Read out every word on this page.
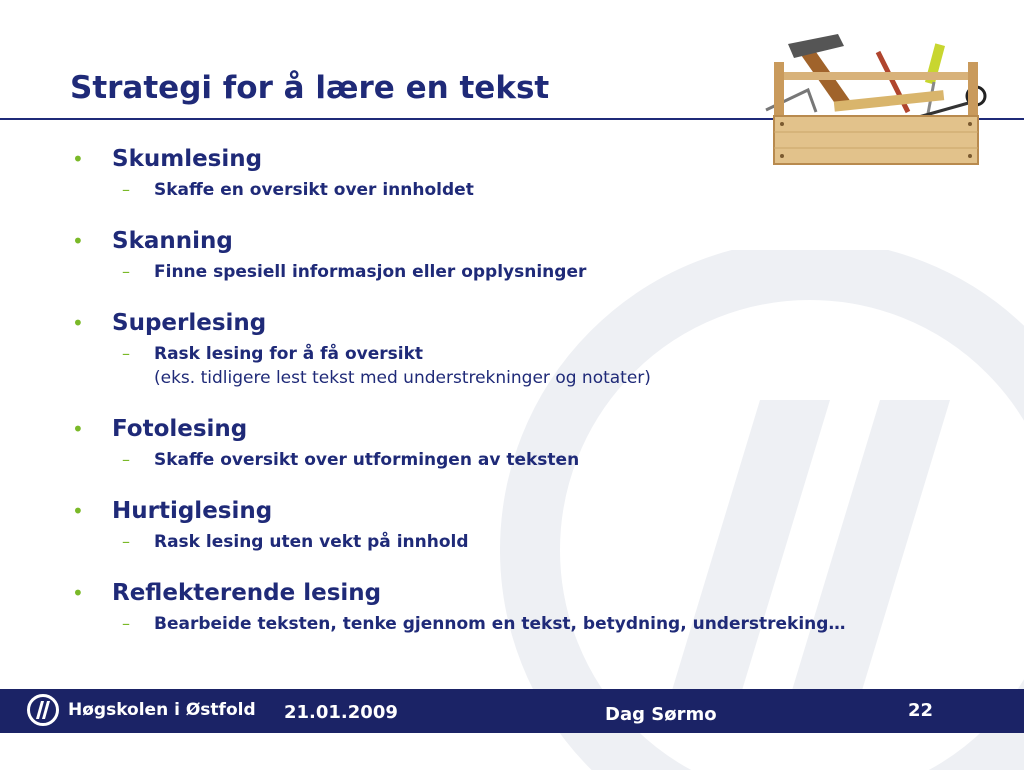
Strategi for å lære en tekst
•	Skumlesing
–	Skaffe en oversikt over innholdet
•	Skanning
–	Finne spesiell informasjon eller opplysninger
•	Superlesing
–	Rask lesing for å få oversikt
(eks. tidligere lest tekst med understrekninger og notater)
•	Fotolesing
–	Skaffe oversikt over utformingen av teksten
•	Hurtiglesing
–	Rask lesing uten vekt på innhold
•	Reflekterende lesing
–	Bearbeide teksten, tenke gjennom en tekst, betydning, understreking…
Høgskolen i Østfold 21.01.2009	Dag Sørmo	22
